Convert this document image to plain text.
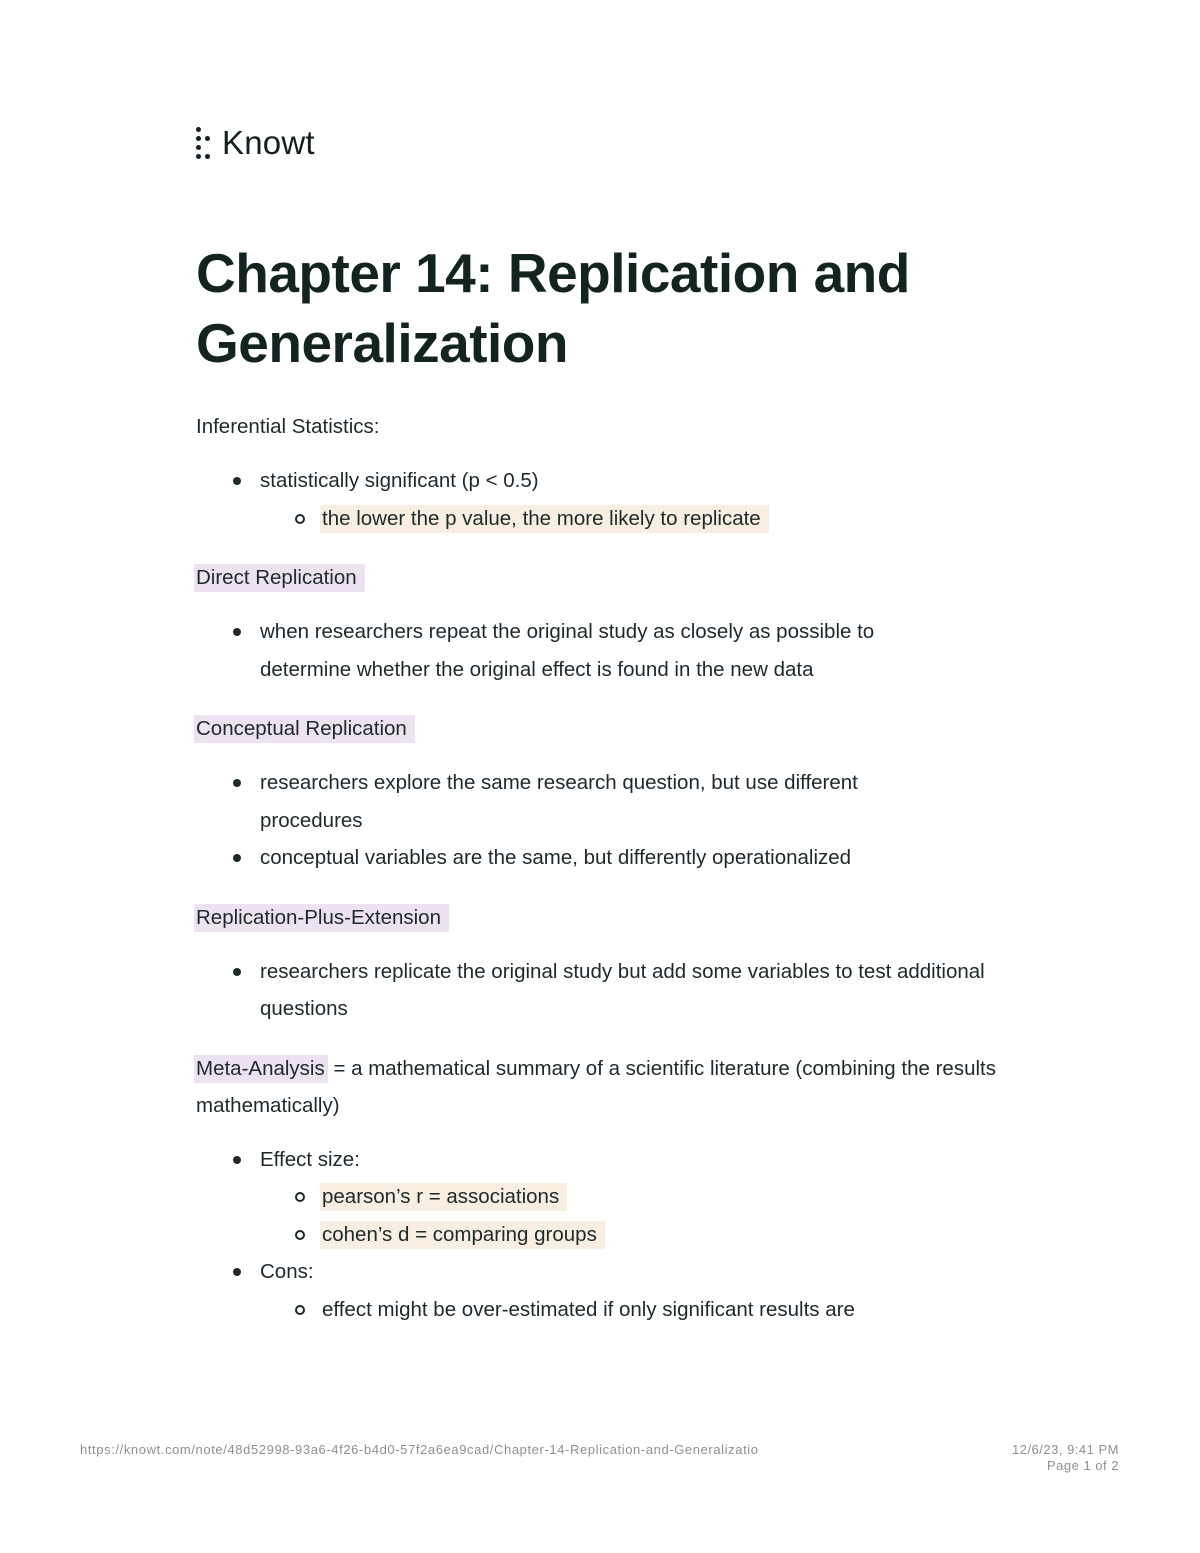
Knowt
Chapter 14: Replication and Generalization

Inferential Statistics:

statistically significant (p < 0.5)
the lower the p value, the more likely to replicate

Direct Replication

when researchers repeat the original study as closely as possible to determine whether the original effect is found in the new data

Conceptual Replication

researchers explore the same research question, but use different procedures
conceptual variables are the same, but differently operationalized

Replication-Plus-Extension

researchers replicate the original study but add some variables to test additional questions

Meta-Analysis = a mathematical summary of a scientific literature (combining the results mathematically)

Effect size:
pearson’s r = associations
cohen’s d = comparing groups
Cons:
effect might be over-estimated if only significant results are
https://knowt.com/note/48d52998-93a6-4f26-b4d0-57f2a6ea9cad/Chapter-14-Replication-and-Generalizatio	12/6/23, 9:41 PM
Page 1 of 2
